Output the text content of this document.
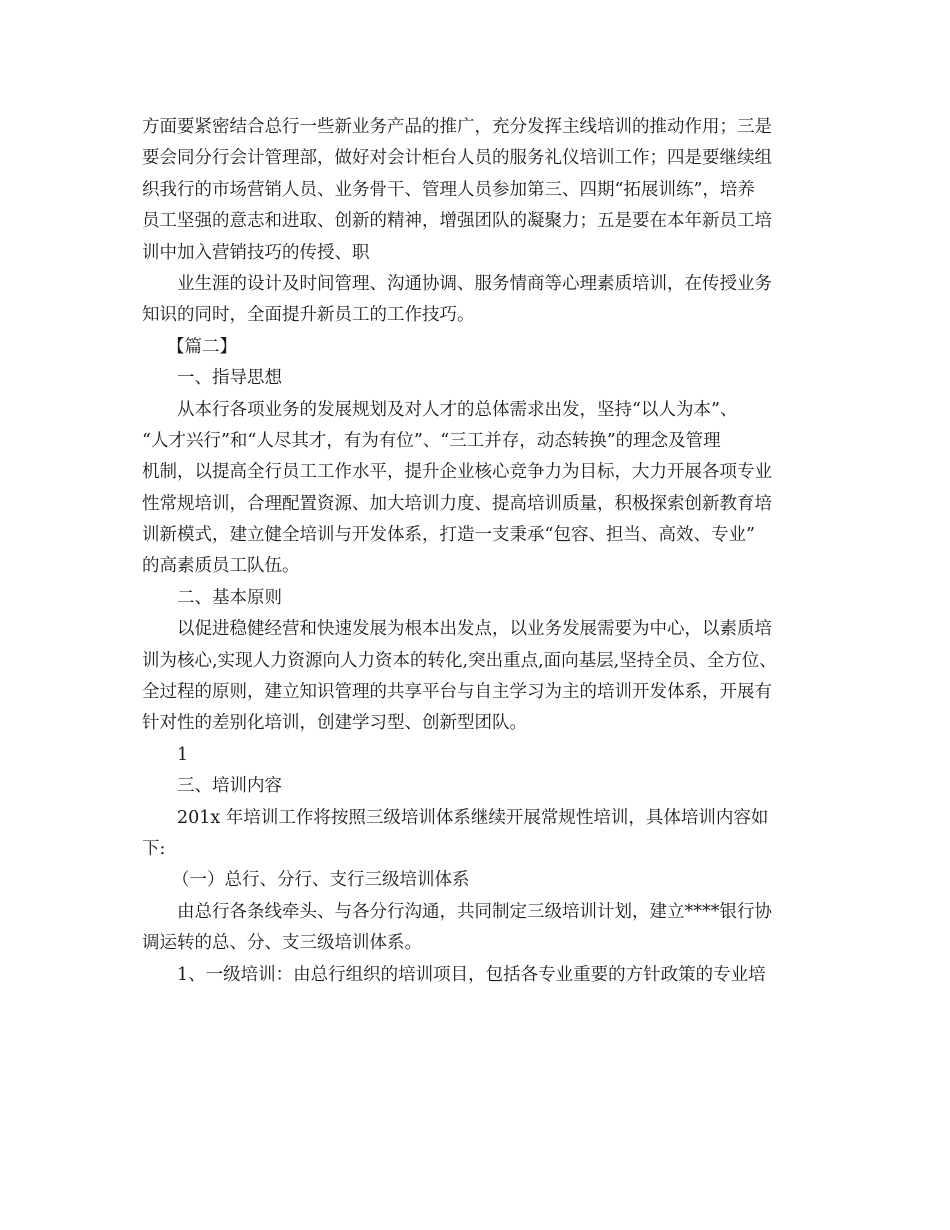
方面要紧密结合总行一些新业务产品的推广，充分发挥主线培训的推动作用；三是
要会同分行会计管理部，做好对会计柜台人员的服务礼仪培训工作；四是要继续组
织我行的市场营销人员、业务骨干、管理人员参加第三、四期“拓展训练”，培养
员工坚强的意志和进取、创新的精神，增强团队的凝聚力；五是要在本年新员工培
训中加入营销技巧的传授、职
业生涯的设计及时间管理、沟通协调、服务情商等心理素质培训，在传授业务
知识的同时，全面提升新员工的工作技巧。
【篇二】
一、指导思想
从本行各项业务的发展规划及对人才的总体需求出发，坚持“以人为本”、
“人才兴行”和“人尽其才，有为有位”、“三工并存，动态转换”的理念及管理
机制，以提高全行员工工作水平，提升企业核心竞争力为目标，大力开展各项专业
性常规培训，合理配置资源、加大培训力度、提高培训质量，积极探索创新教育培
训新模式，建立健全培训与开发体系，打造一支秉承“包容、担当、高效、专业”
的高素质员工队伍。
二、基本原则
以促进稳健经营和快速发展为根本出发点，以业务发展需要为中心，以素质培
训为核心,实现人力资源向人力资本的转化,突出重点,面向基层,坚持全员、全方位、
全过程的原则，建立知识管理的共享平台与自主学习为主的培训开发体系，开展有
针对性的差别化培训，创建学习型、创新型团队。
1
三、培训内容
201x 年培训工作将按照三级培训体系继续开展常规性培训，具体培训内容如
下:
（一）总行、分行、支行三级培训体系
由总行各条线牵头、与各分行沟通，共同制定三级培训计划，建立****银行协
调运转的总、分、支三级培训体系。
1、一级培训：由总行组织的培训项目，包括各专业重要的方针政策的专业培
